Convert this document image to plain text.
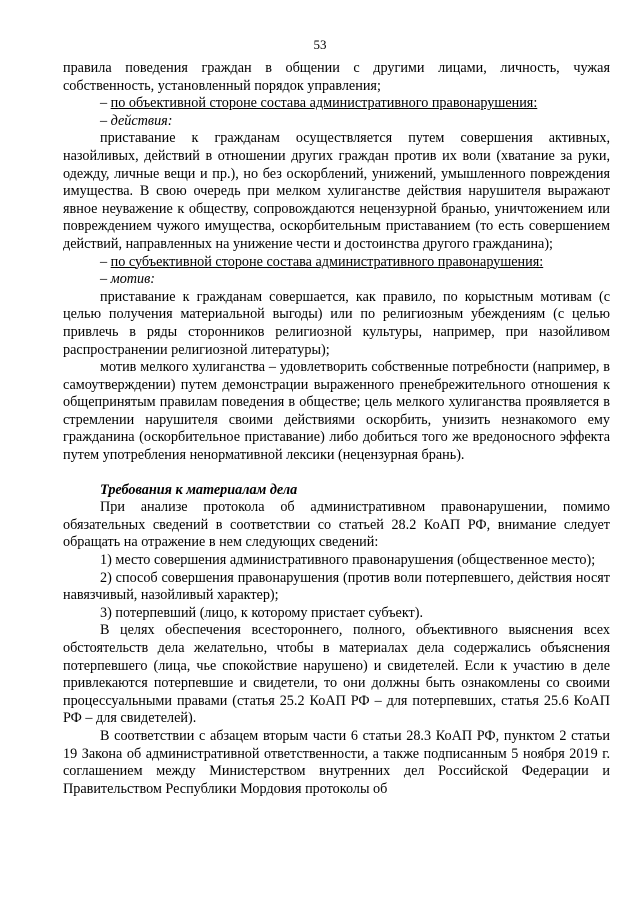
53

правила поведения граждан в общении с другими лицами, личность, чужая собственность, установленный порядок управления;

– по объективной стороне состава административного правонарушения:

– действия:

приставание к гражданам осуществляется путем совершения активных, назойливых, действий в отношении других граждан против их воли (хватание за руки, одежду, личные вещи и пр.), но без оскорблений, унижений, умышленного повреждения имущества. В свою очередь при мелком хулиганстве действия нарушителя выражают явное неуважение к обществу, сопровождаются нецензурной бранью, уничтожением или повреждением чужого имущества, оскорбительным приставанием (то есть совершением действий, направленных на унижение чести и достоинства другого гражданина);

– по субъективной стороне состава административного правонарушения:

– мотив:

приставание к гражданам совершается, как правило, по корыстным мотивам (с целью получения материальной выгоды) или по религиозным убеждениям (с целью привлечь в ряды сторонников религиозной культуры, например, при назойливом распространении религиозной литературы);

мотив мелкого хулиганства – удовлетворить собственные потребности (например, в самоутверждении) путем демонстрации выраженного пренебрежительного отношения к общепринятым правилам поведения в обществе; цель мелкого хулиганства проявляется в стремлении нарушителя своими действиями оскорбить, унизить незнакомого ему гражданина (оскорбительное приставание) либо добиться того же вредоносного эффекта путем употребления ненормативной лексики (нецензурная брань).

Требования к материалам дела

При анализе протокола об административном правонарушении, помимо обязательных сведений в соответствии со статьей 28.2 КоАП РФ, внимание следует обращать на отражение в нем следующих сведений:

1) место совершения административного правонарушения (общественное место);

2) способ совершения правонарушения (против воли потерпевшего, действия носят навязчивый, назойливый характер);

3) потерпевший (лицо, к которому пристает субъект).

В целях обеспечения всестороннего, полного, объективного выяснения всех обстоятельств дела желательно, чтобы в материалах дела содержались объяснения потерпевшего (лица, чье спокойствие нарушено) и свидетелей. Если к участию в деле привлекаются потерпевшие и свидетели, то они должны быть ознакомлены со своими процессуальными правами (статья 25.2 КоАП РФ – для потерпевших, статья 25.6 КоАП РФ – для свидетелей).

В соответствии с абзацем вторым части 6 статьи 28.3 КоАП РФ, пунктом 2 статьи 19 Закона об административной ответственности, а также подписанным 5 ноября 2019 г. соглашением между Министерством внутренних дел Российской Федерации и Правительством Республики Мордовия протоколы об
